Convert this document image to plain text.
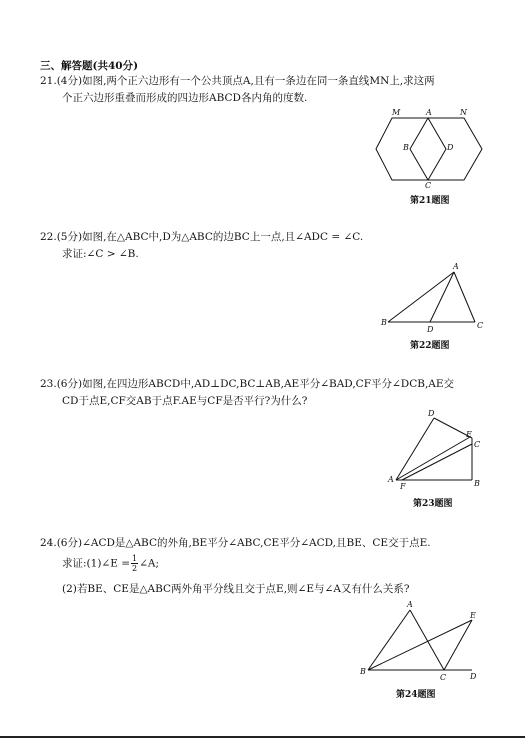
三、解答题(共40分)
21.(4分)如图,两个正六边形有一个公共顶点A,且有一条边在同一条直线MN上,求这两
个正六边形重叠而形成的四边形ABCD各内角的度数.
M	A	N
B	D
C
第21题图
22.(5分)如图,在△ABC中,D为△ABC的边BC上一点,且∠ADC = ∠C.
求证:∠C > ∠B.
A
B
D	C
第22题图
23.(6分)如图,在四边形ABCD中,AD⊥DC,BC⊥AB,AE平分∠BAD,CF平分∠DCB,AE交
CD于点E,CF交AB于点F.AE与CF是否平行?为什么?
D
E
C
A
F	B
第23题图
24.(6分)∠ACD是△ABC的外角,BE平分∠ABC,CE平分∠ACD,且BE、CE交于点E.
求证:(1)∠E = $\frac{1}{2}$ ∠A;
(2)若BE、CE是△ABC两外角平分线且交于点E,则∠E与∠A又有什么关系?
A
E
B
C	D
第24题图
